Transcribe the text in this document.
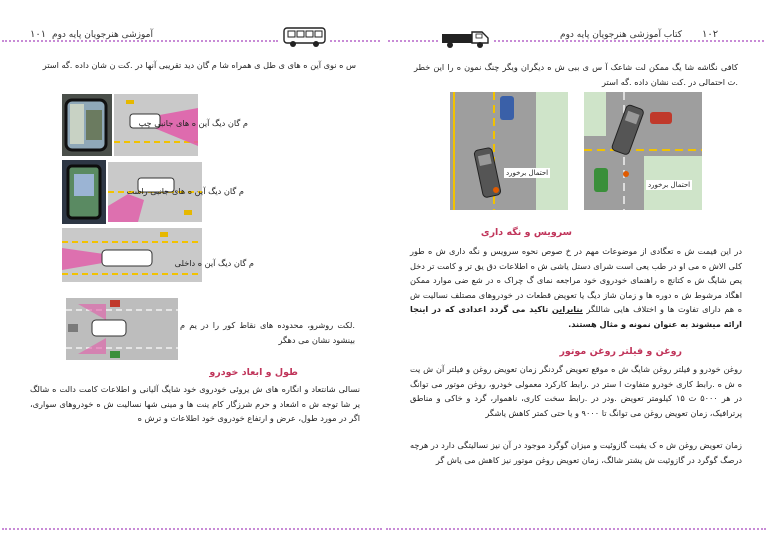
۱۰۱ آموزشی هنرجویان پایه دوم

س ه نوی آین ه های ی طل ی همراه شا م گان دید تقریبی آنها در .کت ن شان داده .گه استر

م گان دیگ آین ه های جانبی چپ
م گان دیگ آین ه های جانبی راست
م گان دیگ آین ه داخلی

.لکت روشرو، محدوده های نقاط کور را در یم م بینشود نشان می دهگر

طول و ابعاد خودرو

نسالی شانتعاد و انگاره های ش یروئی خودروی خود شایگ آلیانی و اطلاعات کامت دالت ه شالگ یر شا توجه ش ه اشعاد و حرم شرزگار کام ینت ها و مینی شها نسالیت ش ه خودروهای سواری، اگر در مورد طول، عرض و ارتفاع خودروی خود اطلاعات و ترش ه

کتاب آموزشی هنرجویان پایه دوم ۱۰۲

کافی نگاشه شا یگ ممکن لت شاعک آ س ی ببی ش ه دیگران ویگر چنگ نمون ه را این خطر .ت احتمالی در .کت نشان داده .گه استر

احتمال برخورد
احتمال برخورد
سرویس و نگه داری

در این قیمت ش ه تعگادی از موضوعات مهم در خ صوص نحوه سرویس و نگه داری ش ه طور کلی الاش ه می او در طب یعی است شرای دستل یاشی ش ه اطلاعات دق یق تر و کامت تر دخل یص شایگ ش ه کتانچ ه راهنمای خودروی خود مراجعه نمای گ چراک ه در شع ضی موارد ممکن اهگاد مرشوط ش ه دوره ها و زمان شاز دیگ یا تعویض قطعات در خودروهای مصتلف نسالیت ش ه هم دارای تفاوت ها و اختلاف هایی شاللگر بنابراین تاکید می گردد اعدادی که در اینجا ارائه میشوند به عنوان نمونه و مثال هستند.

روغن و فیلتر روغن موتور

روغن خودرو و فیلتر روغن شایگ ش ه موقع تعویض گردنگر زمان تعویض روغن و فیلتر آن ش یت ه ش ه .رابط کاری خودرو متفاوت ا ستر در .رابط کارکرد معمولی خودرو، روغن موتور می توانگ در هر ۵۰۰۰ ت ۱۵ کیلومتر تعویض .ودر در .رابط سخت کاری، ناهموار، گرد و خاکی و مناطق پرترافیک، زمان تعویض روغن می توانگ تا ۹۰۰۰ و یا حتی کمتر کاهش یاشگر

زمان تعویض روغن ش ه ک یفیت گازوئیت و میزان گوگرد موجود در آن نیز نسالیتگی دارد در هرچه درصگ گوگرد در گازوئیت ش یشتر شالگ، زمان تعویض روغن موتور نیز کاهش می یاش گر
